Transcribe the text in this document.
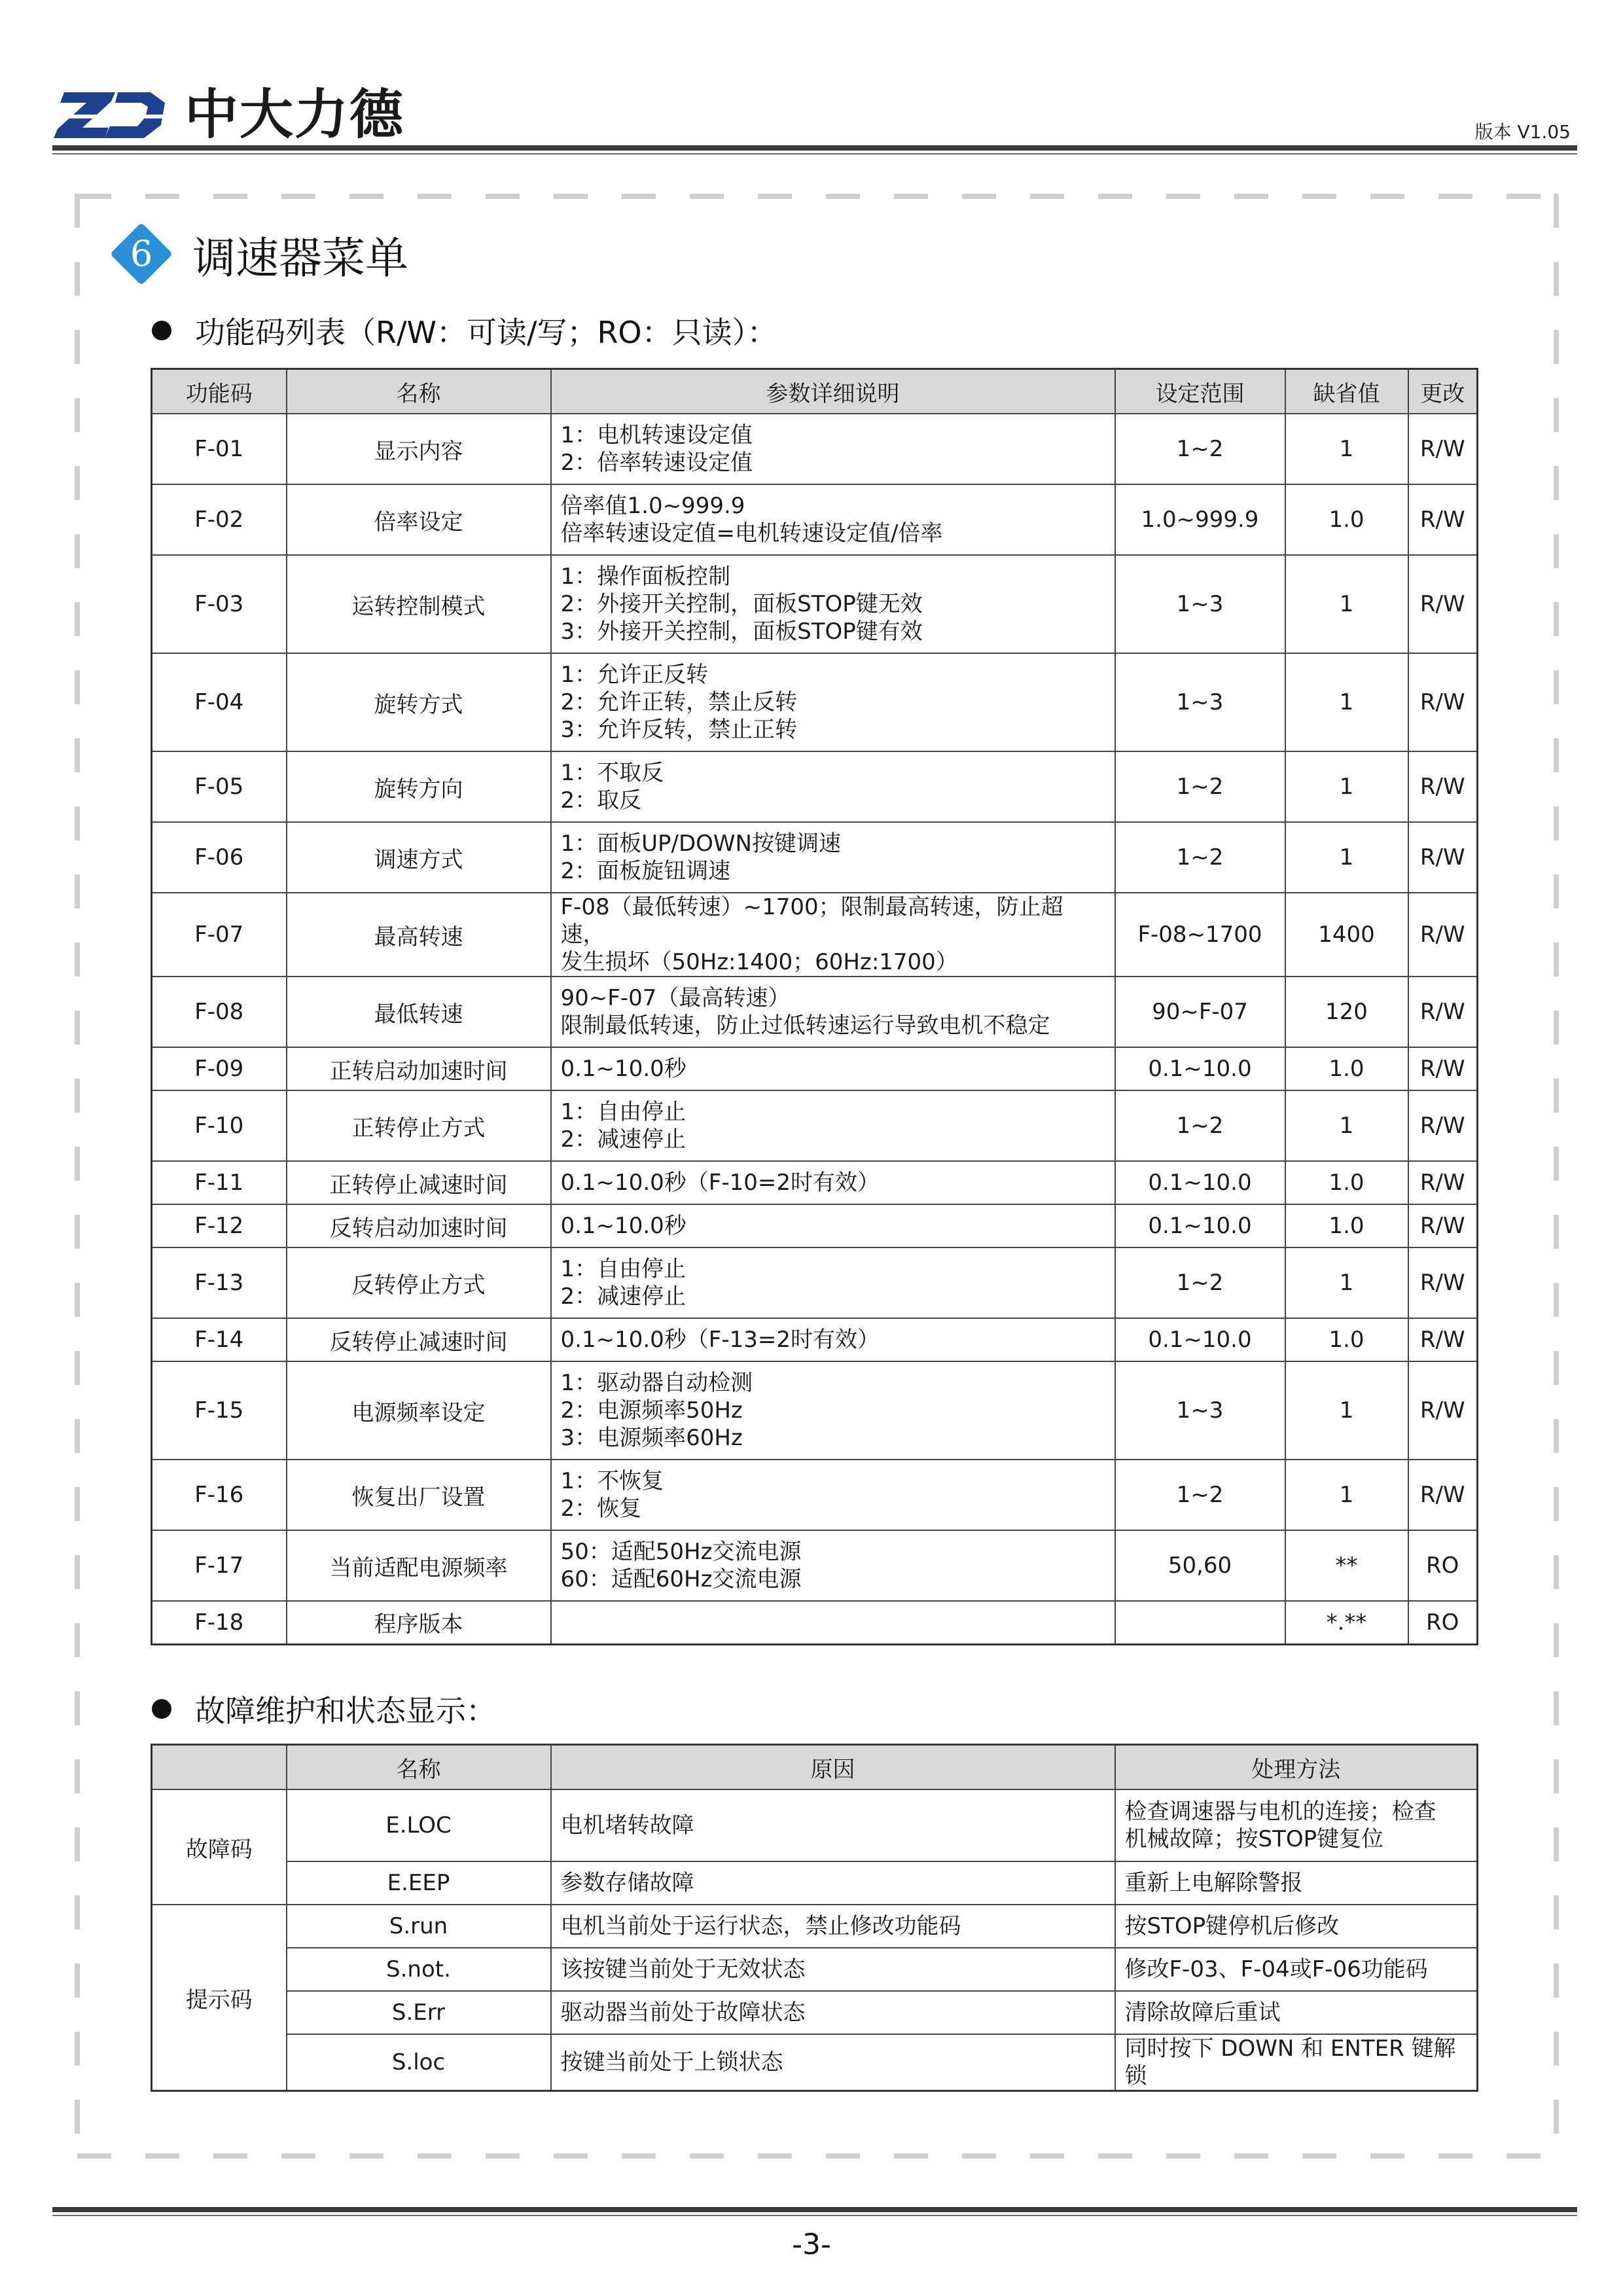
中大力德	版本 V1.05
6 调速器菜单
功能码列表（R/W：可读/写；RO：只读）：
功能码	名称	参数详细说明	设定范围	缺省值	更改
F-01	显示内容	1：电机转速设定值
2：倍率转速设定值	1~2	1	R/W
F-02	倍率设定	倍率值1.0~999.9
倍率转速设定值=电机转速设定值/倍率	1.0~999.9	1.0	R/W
F-03	运转控制模式	1：操作面板控制
2：外接开关控制，面板STOP键无效
3：外接开关控制，面板STOP键有效	1~3	1	R/W
F-04	旋转方式	1：允许正反转
2：允许正转，禁止反转
3：允许反转，禁止正转	1~3	1	R/W
F-05	旋转方向	1：不取反
2：取反	1~2	1	R/W
F-06	调速方式	1：面板UP/DOWN按键调速
2：面板旋钮调速	1~2	1	R/W
F-07	最高转速	F-08（最低转速）~1700；限制最高转速，防止超速，
发生损坏（50Hz:1400；60Hz:1700）	F-08~1700	1400	R/W
F-08	最低转速	90~F-07（最高转速）
限制最低转速，防止过低转速运行导致电机不稳定	90~F-07	120	R/W
F-09	正转启动加速时间	0.1~10.0秒	0.1~10.0	1.0	R/W
F-10	正转停止方式	1：自由停止
2：减速停止	1~2	1	R/W
F-11	正转停止减速时间	0.1~10.0秒（F-10=2时有效）	0.1~10.0	1.0	R/W
F-12	反转启动加速时间	0.1~10.0秒	0.1~10.0	1.0	R/W
F-13	反转停止方式	1：自由停止
2：减速停止	1~2	1	R/W
F-14	反转停止减速时间	0.1~10.0秒（F-13=2时有效）	0.1~10.0	1.0	R/W
F-15	电源频率设定	1：驱动器自动检测
2：电源频率50Hz
3：电源频率60Hz	1~3	1	R/W
F-16	恢复出厂设置	1：不恢复
2：恢复	1~2	1	R/W
F-17	当前适配电源频率	50：适配50Hz交流电源
60：适配60Hz交流电源	50,60	**	RO
F-18	程序版本			*.**	RO
故障维护和状态显示：
	名称	原因	处理方法
故障码	E.LOC	电机堵转故障	检查调速器与电机的连接；检查
机械故障；按STOP键复位

	E.EEP	参数存储故障	重新上电解除警报

提示码	S.run	电机当前处于运行状态，禁止修改功能码	按STOP键停机后修改

	S.not.	该按键当前处于无效状态	修改F-03、F-04或F-06功能码

	S.Err	驱动器当前处于故障状态	清除故障后重试

	S.loc	按键当前处于上锁状态	同时按下 DOWN 和 ENTER 键解锁
-3-
